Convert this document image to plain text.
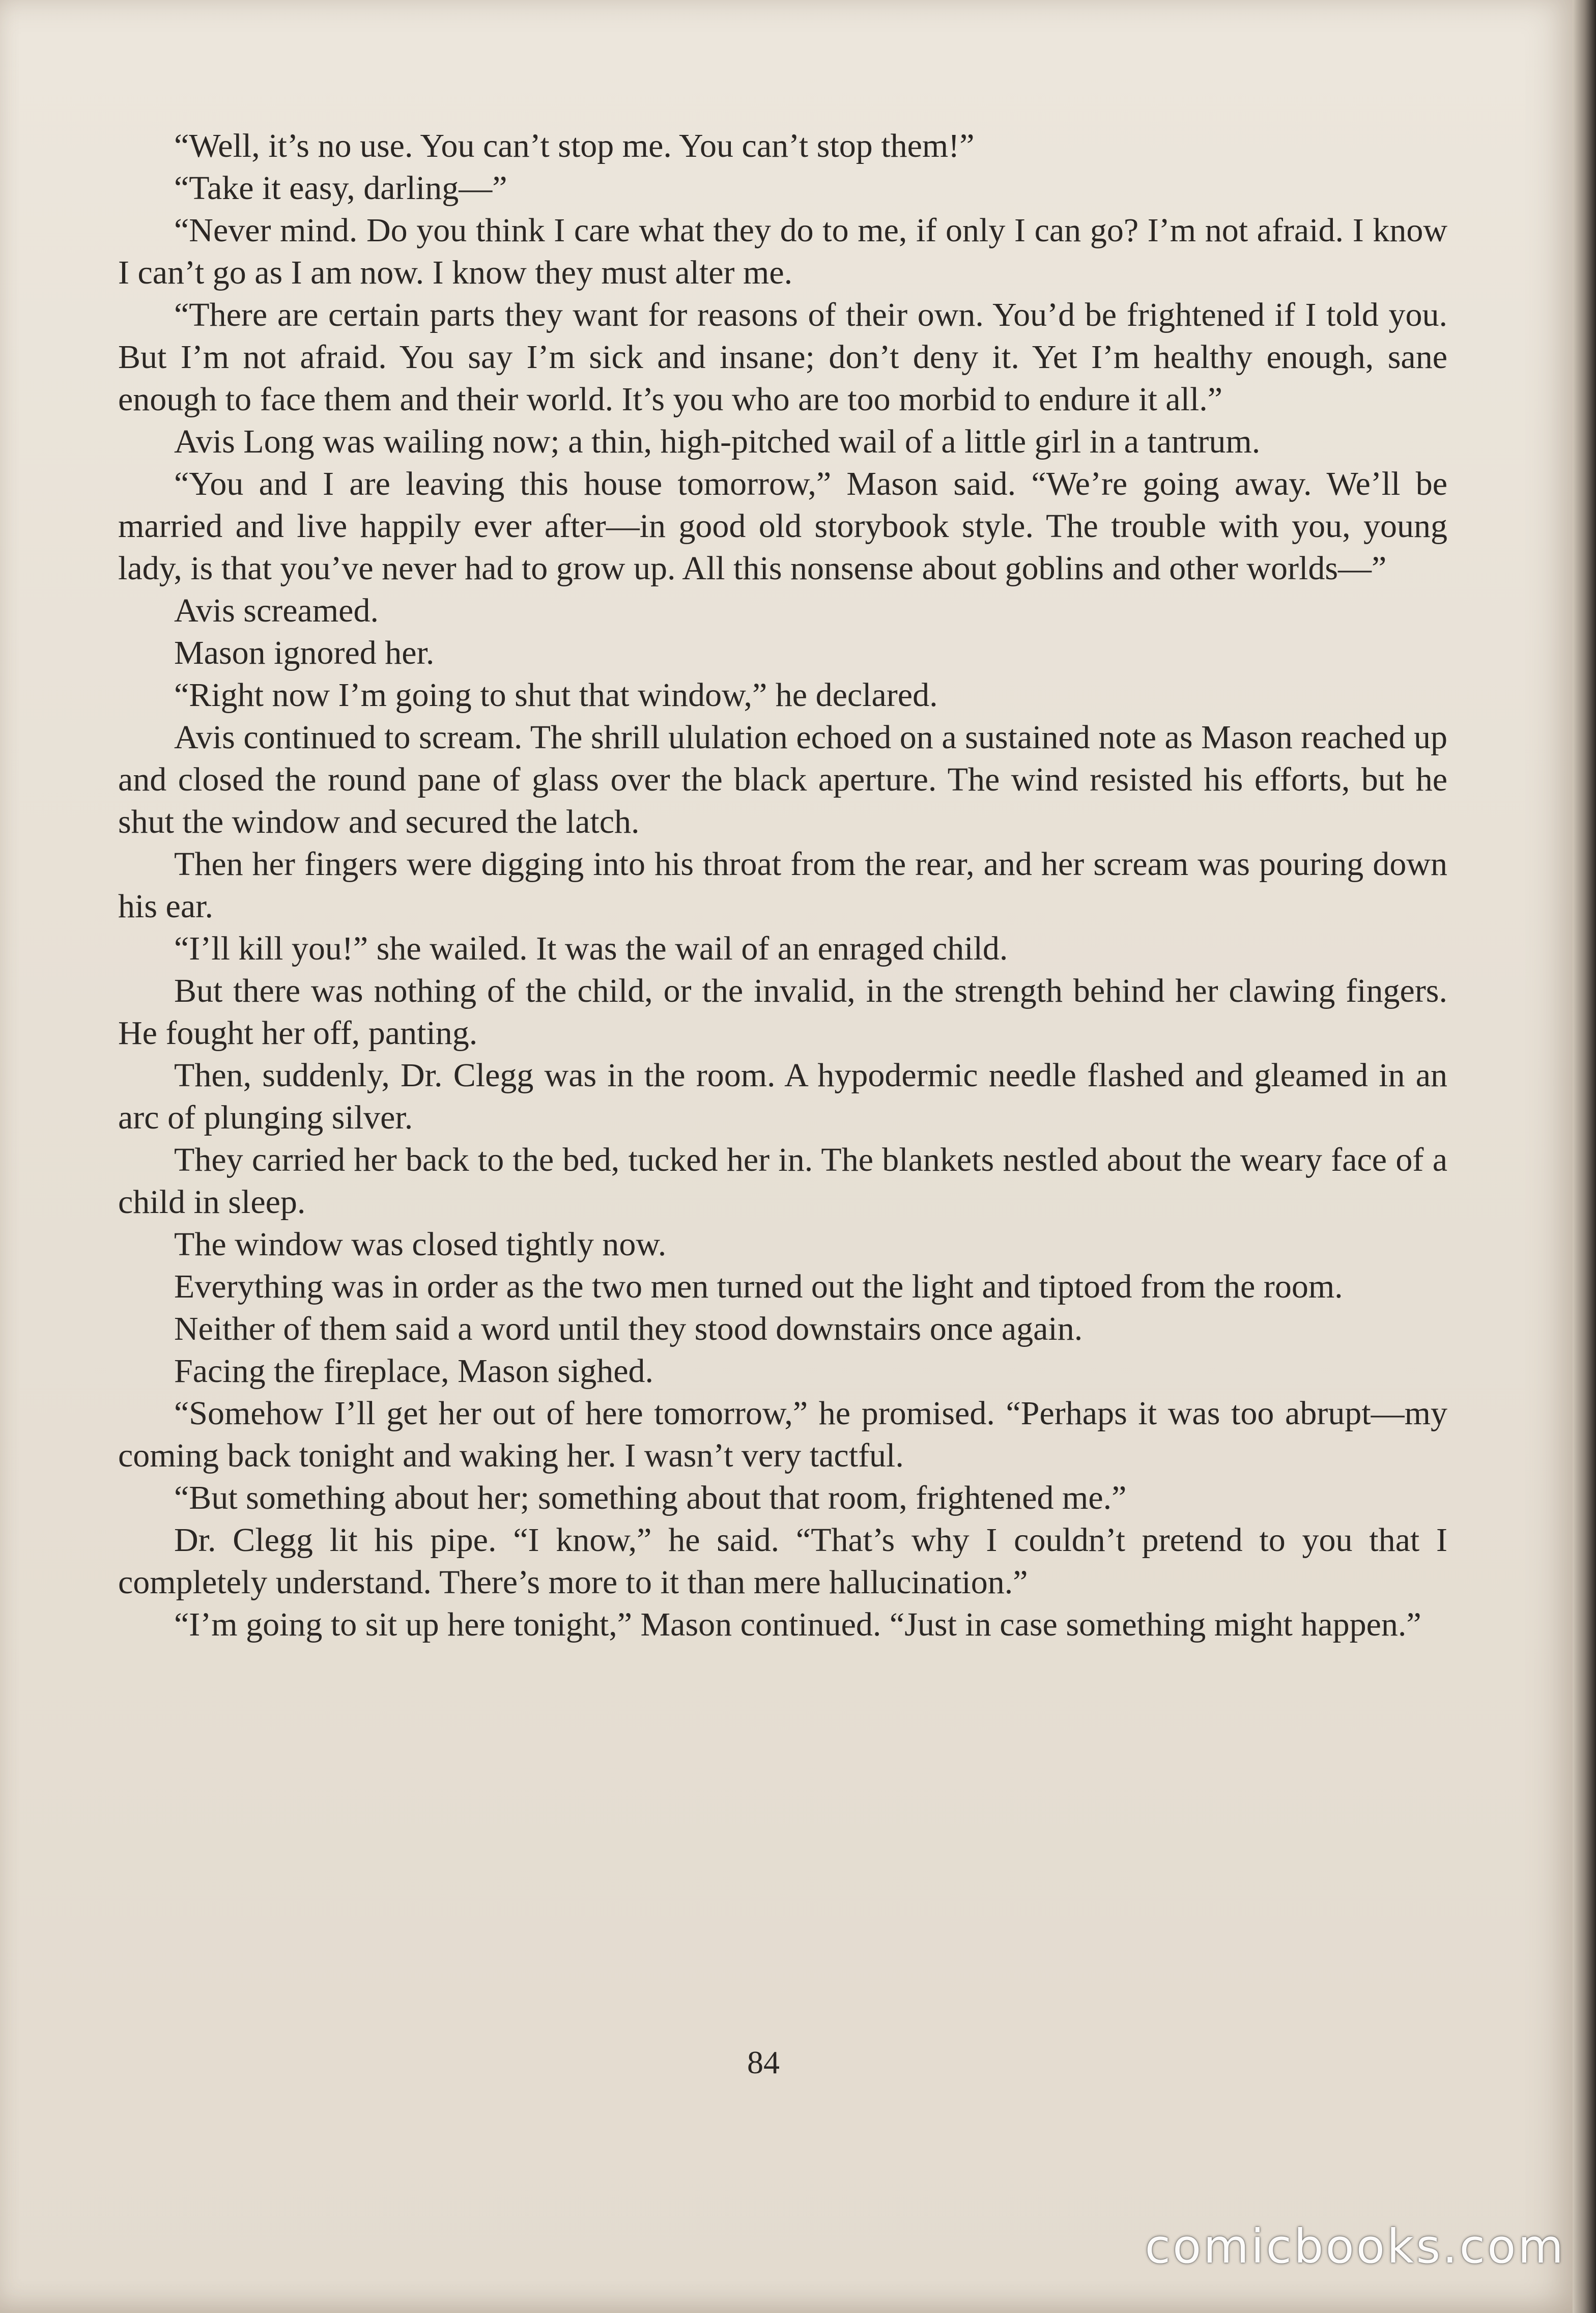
“Well, it’s no use. You can’t stop me. You can’t stop them!”

“Take it easy, darling—”

“Never mind. Do you think I care what they do to me, if only I can go? I’m not afraid. I know I can’t go as I am now. I know they must alter me.

“There are certain parts they want for reasons of their own. You’d be frightened if I told you. But I’m not afraid. You say I’m sick and insane; don’t deny it. Yet I’m healthy enough, sane enough to face them and their world. It’s you who are too morbid to endure it all.”

Avis Long was wailing now; a thin, high-pitched wail of a little girl in a tantrum.

“You and I are leaving this house tomorrow,” Mason said. “We’re going away. We’ll be married and live happily ever after—in good old storybook style. The trouble with you, young lady, is that you’ve never had to grow up. All this nonsense about goblins and other worlds—”

Avis screamed.

Mason ignored her.

“Right now I’m going to shut that window,” he declared.

Avis continued to scream. The shrill ululation echoed on a sustained note as Mason reached up and closed the round pane of glass over the black aperture. The wind resisted his efforts, but he shut the window and secured the latch.

Then her fingers were digging into his throat from the rear, and her scream was pouring down his ear.

“I’ll kill you!” she wailed. It was the wail of an enraged child.

But there was nothing of the child, or the invalid, in the strength behind her clawing fingers. He fought her off, panting.

Then, suddenly, Dr. Clegg was in the room. A hypodermic needle flashed and gleamed in an arc of plunging silver.

They carried her back to the bed, tucked her in. The blankets nestled about the weary face of a child in sleep.

The window was closed tightly now.

Everything was in order as the two men turned out the light and tiptoed from the room.

Neither of them said a word until they stood downstairs once again.

Facing the fireplace, Mason sighed.

“Somehow I’ll get her out of here tomorrow,” he promised. “Perhaps it was too abrupt—my coming back tonight and waking her. I wasn’t very tactful.

“But something about her; something about that room, frightened me.”

Dr. Clegg lit his pipe. “I know,” he said. “That’s why I couldn’t pretend to you that I completely understand. There’s more to it than mere hallucination.”

“I’m going to sit up here tonight,” Mason continued. “Just in case something might happen.”

84
comicbooks.com
